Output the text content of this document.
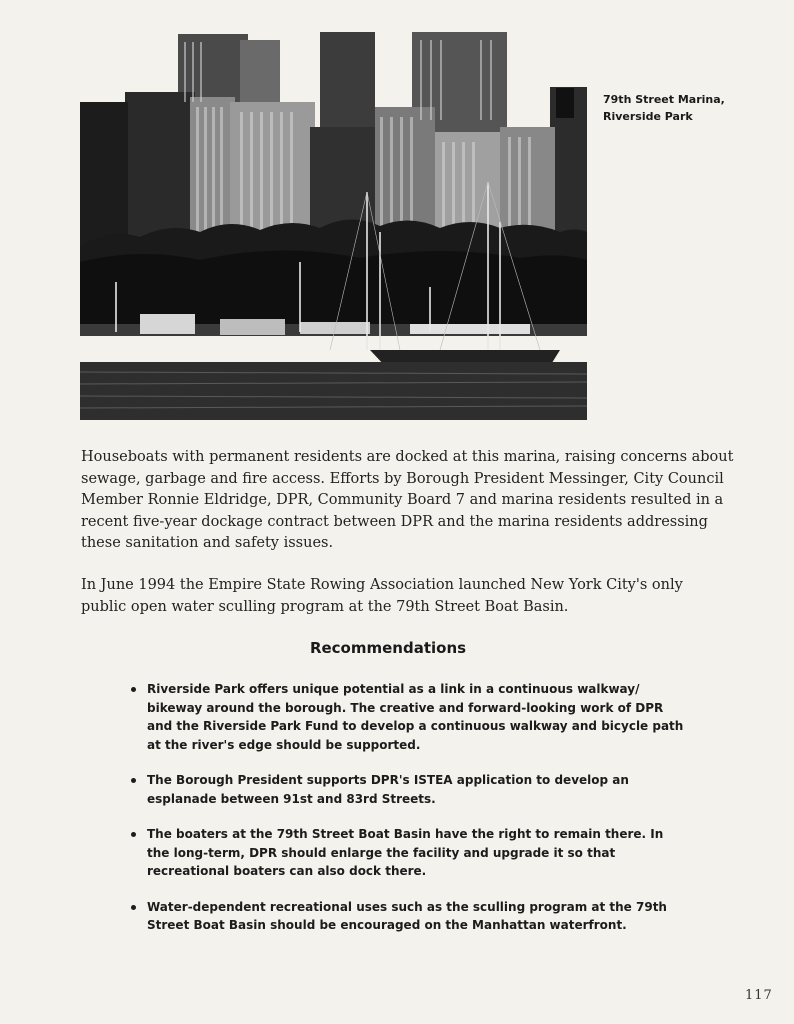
79th Street Marina,
Riverside Park
Houseboats with permanent residents are docked at this marina, raising concerns about
sewage, garbage and fire access. Efforts by Borough President Messinger, City Council
Member Ronnie Eldridge, DPR, Community Board 7 and marina residents resulted in a
recent five-year dockage contract between DPR and the marina residents addressing
these sanitation and safety issues.
In June 1994 the Empire State Rowing Association launched New York City's only
public open water sculling program at the 79th Street Boat Basin.
Recommendations
Riverside Park offers unique potential as a link in a continuous walkway/
bikeway around the borough. The creative and forward-looking work of DPR
and the Riverside Park Fund to develop a continuous walkway and bicycle path
at the river's edge should be supported.
The Borough President supports DPR's ISTEA application to develop an
esplanade between 91st and 83rd Streets.
The boaters at the 79th Street Boat Basin have the right to remain there. In
the long-term, DPR should enlarge the facility and upgrade it so that
recreational boaters can also dock there.
Water-dependent recreational uses such as the sculling program at the 79th
Street Boat Basin should be encouraged on the Manhattan waterfront.
117
